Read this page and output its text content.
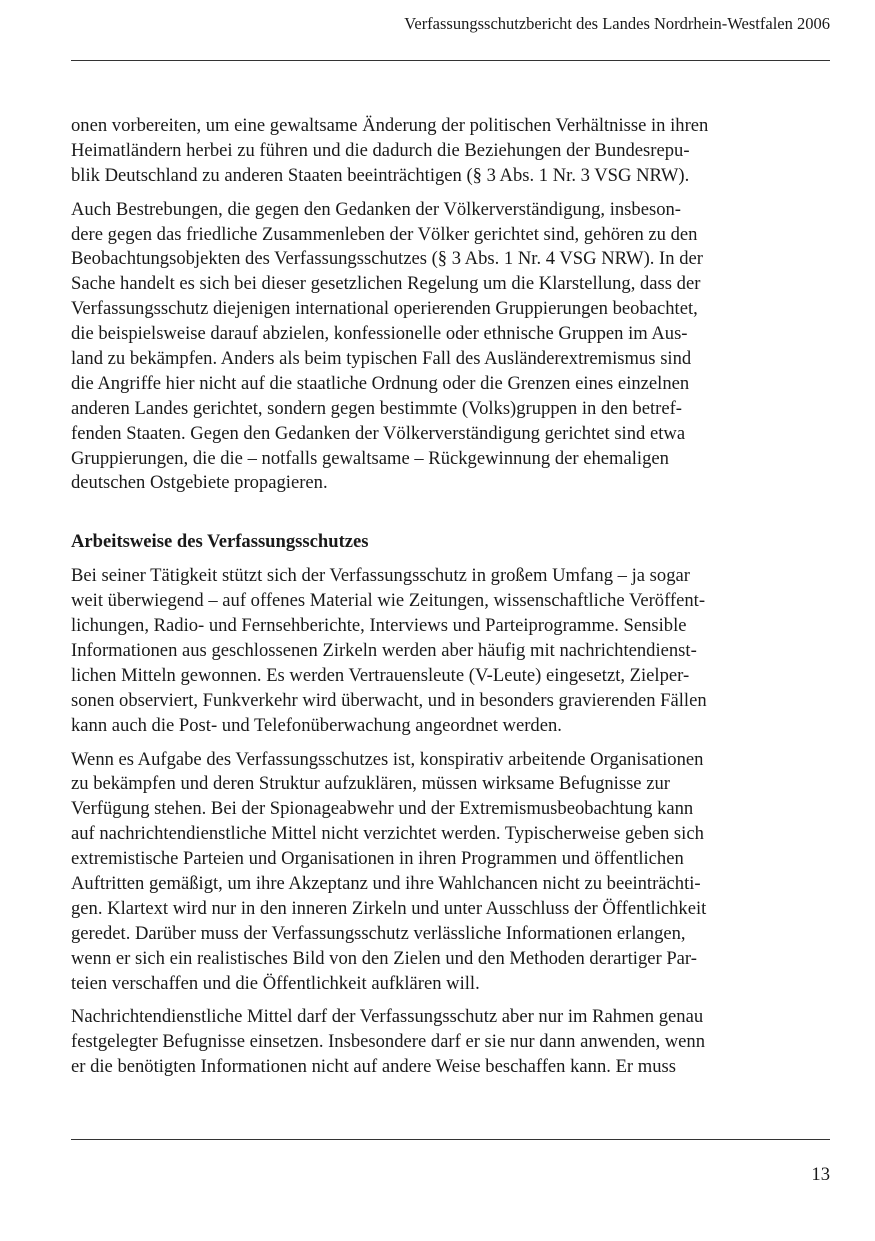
Verfassungsschutzbericht des Landes Nordrhein-Westfalen 2006
onen vorbereiten, um eine gewaltsame Änderung der politischen Verhältnisse in ihren
Heimatländern herbei zu führen und die dadurch die Beziehungen der Bundesrepu-
blik Deutschland zu anderen Staaten beeinträchtigen (§ 3 Abs. 1 Nr. 3 VSG NRW).
Auch Bestrebungen, die gegen den Gedanken der Völkerverständigung, insbeson-
dere gegen das friedliche Zusammenleben der Völker gerichtet sind, gehören zu den
Beobachtungsobjekten des Verfassungsschutzes (§ 3 Abs. 1 Nr. 4 VSG NRW). In der
Sache handelt es sich bei dieser gesetzlichen Regelung um die Klarstellung, dass der
Verfassungsschutz diejenigen international operierenden Gruppierungen beobachtet,
die beispielsweise darauf abzielen, konfessionelle oder ethnische Gruppen im Aus-
land zu bekämpfen. Anders als beim typischen Fall des Ausländerextremismus sind
die Angriffe hier nicht auf die staatliche Ordnung oder die Grenzen eines einzelnen
anderen Landes gerichtet, sondern gegen bestimmte (Volks)gruppen in den betref-
fenden Staaten. Gegen den Gedanken der Völkerverständigung gerichtet sind etwa
Gruppierungen, die die – notfalls gewaltsame – Rückgewinnung der ehemaligen
deutschen Ostgebiete propagieren.
Arbeitsweise des Verfassungsschutzes
Bei seiner Tätigkeit stützt sich der Verfassungsschutz in großem Umfang – ja sogar
weit überwiegend – auf offenes Material wie Zeitungen, wissenschaftliche Veröffent-
lichungen, Radio- und Fernsehberichte, Interviews und Parteiprogramme. Sensible
Informationen aus geschlossenen Zirkeln werden aber häufig mit nachrichtendienst-
lichen Mitteln gewonnen. Es werden Vertrauensleute (V-Leute) eingesetzt, Zielper-
sonen observiert, Funkverkehr wird überwacht, und in besonders gravierenden Fällen
kann auch die Post- und Telefonüberwachung angeordnet werden.
Wenn es Aufgabe des Verfassungsschutzes ist, konspirativ arbeitende Organisationen
zu bekämpfen und deren Struktur aufzuklären, müssen wirksame Befugnisse zur
Verfügung stehen. Bei der Spionageabwehr und der Extremismusbeobachtung kann
auf nachrichtendienstliche Mittel nicht verzichtet werden. Typischerweise geben sich
extremistische Parteien und Organisationen in ihren Programmen und öffentlichen
Auftritten gemäßigt, um ihre Akzeptanz und ihre Wahlchancen nicht zu beeinträchti-
gen. Klartext wird nur in den inneren Zirkeln und unter Ausschluss der Öffentlichkeit
geredet. Darüber muss der Verfassungsschutz verlässliche Informationen erlangen,
wenn er sich ein realistisches Bild von den Zielen und den Methoden derartiger Par-
teien verschaffen und die Öffentlichkeit aufklären will.
Nachrichtendienstliche Mittel darf der Verfassungsschutz aber nur im Rahmen genau
festgelegter Befugnisse einsetzen. Insbesondere darf er sie nur dann anwenden, wenn
er die benötigten Informationen nicht auf andere Weise beschaffen kann. Er muss
13
